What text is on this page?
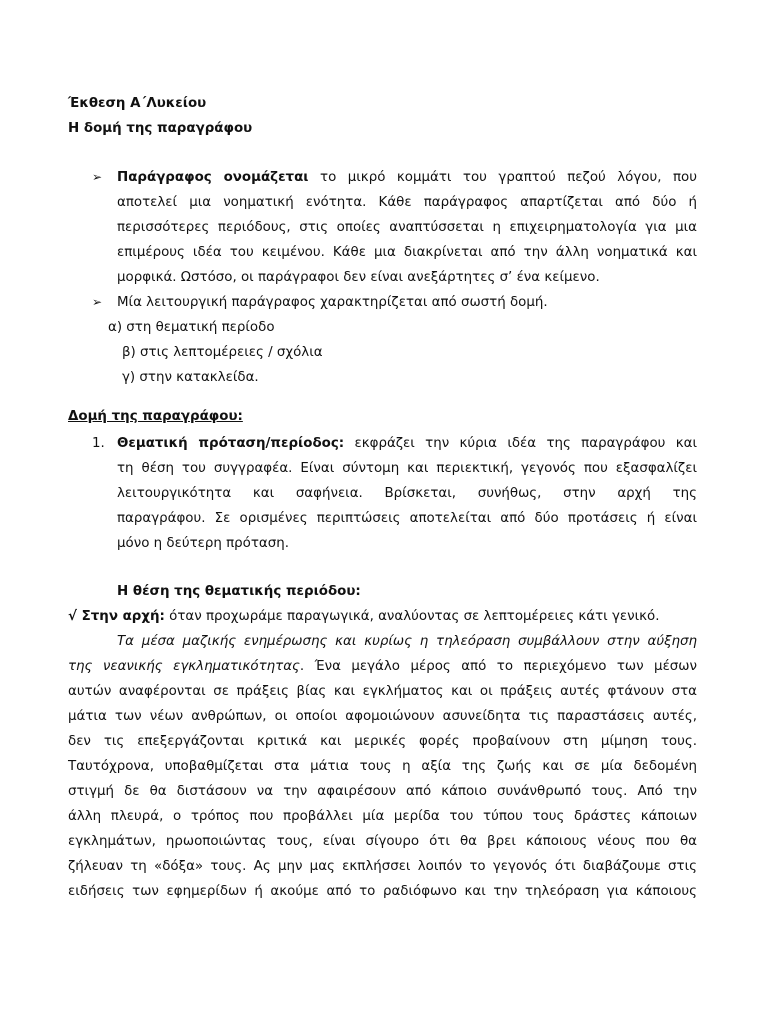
Έκθεση Α΄Λυκείου
Η δομή της παραγράφου
➢ Παράγραφος ονομάζεται το μικρό κομμάτι του γραπτού πεζού λόγου, που
αποτελεί μια νοηματική ενότητα. Κάθε παράγραφος απαρτίζεται από δύο ή
περισσότερες περιόδους, στις οποίες αναπτύσσεται η επιχειρηματολογία για μια
επιμέρους ιδέα του κειμένου. Κάθε μια διακρίνεται από την άλλη νοηματικά και
μορφικά. Ωστόσο, οι παράγραφοι δεν είναι ανεξάρτητες σ’ ένα κείμενο.
➢ Μία λειτουργική παράγραφος χαρακτηρίζεται από σωστή δομή.
α) στη θεματική περίοδο
β) στις λεπτομέρειες / σχόλια
γ) στην κατακλείδα.
Δομή της παραγράφου:
1. Θεματική πρόταση/περίοδος: εκφράζει την κύρια ιδέα της παραγράφου και
τη θέση του συγγραφέα. Είναι σύντομη και περιεκτική, γεγονός που εξασφαλίζει
λειτουργικότητα και σαφήνεια. Βρίσκεται, συνήθως, στην αρχή της
παραγράφου. Σε ορισμένες περιπτώσεις αποτελείται από δύο προτάσεις ή είναι
μόνο η δεύτερη πρόταση.
Η θέση της θεματικής περιόδου:
√ Στην αρχή: όταν προχωράμε παραγωγικά, αναλύοντας σε λεπτομέρειες κάτι γενικό.
Τα μέσα μαζικής ενημέρωσης και κυρίως η τηλεόραση συμβάλλουν στην αύξηση
της νεανικής εγκληματικότητας. Ένα μεγάλο μέρος από το περιεχόμενο των μέσων
αυτών αναφέρονται σε πράξεις βίας και εγκλήματος και οι πράξεις αυτές φτάνουν στα
μάτια των νέων ανθρώπων, οι οποίοι αφομοιώνουν ασυνείδητα τις παραστάσεις αυτές,
δεν τις επεξεργάζονται κριτικά και μερικές φορές προβαίνουν στη μίμηση τους.
Ταυτόχρονα, υποβαθμίζεται στα μάτια τους η αξία της ζωής και σε μία δεδομένη
στιγμή δε θα διστάσουν να την αφαιρέσουν από κάποιο συνάνθρωπό τους. Από την
άλλη πλευρά, ο τρόπος που προβάλλει μία μερίδα του τύπου τους δράστες κάποιων
εγκλημάτων, ηρωοποιώντας τους, είναι σίγουρο ότι θα βρει κάποιους νέους που θα
ζήλευαν τη «δόξα» τους. Ας μην μας εκπλήσσει λοιπόν το γεγονός ότι διαβάζουμε στις
ειδήσεις των εφημερίδων ή ακούμε από το ραδιόφωνο και την τηλεόραση για κάποιους
